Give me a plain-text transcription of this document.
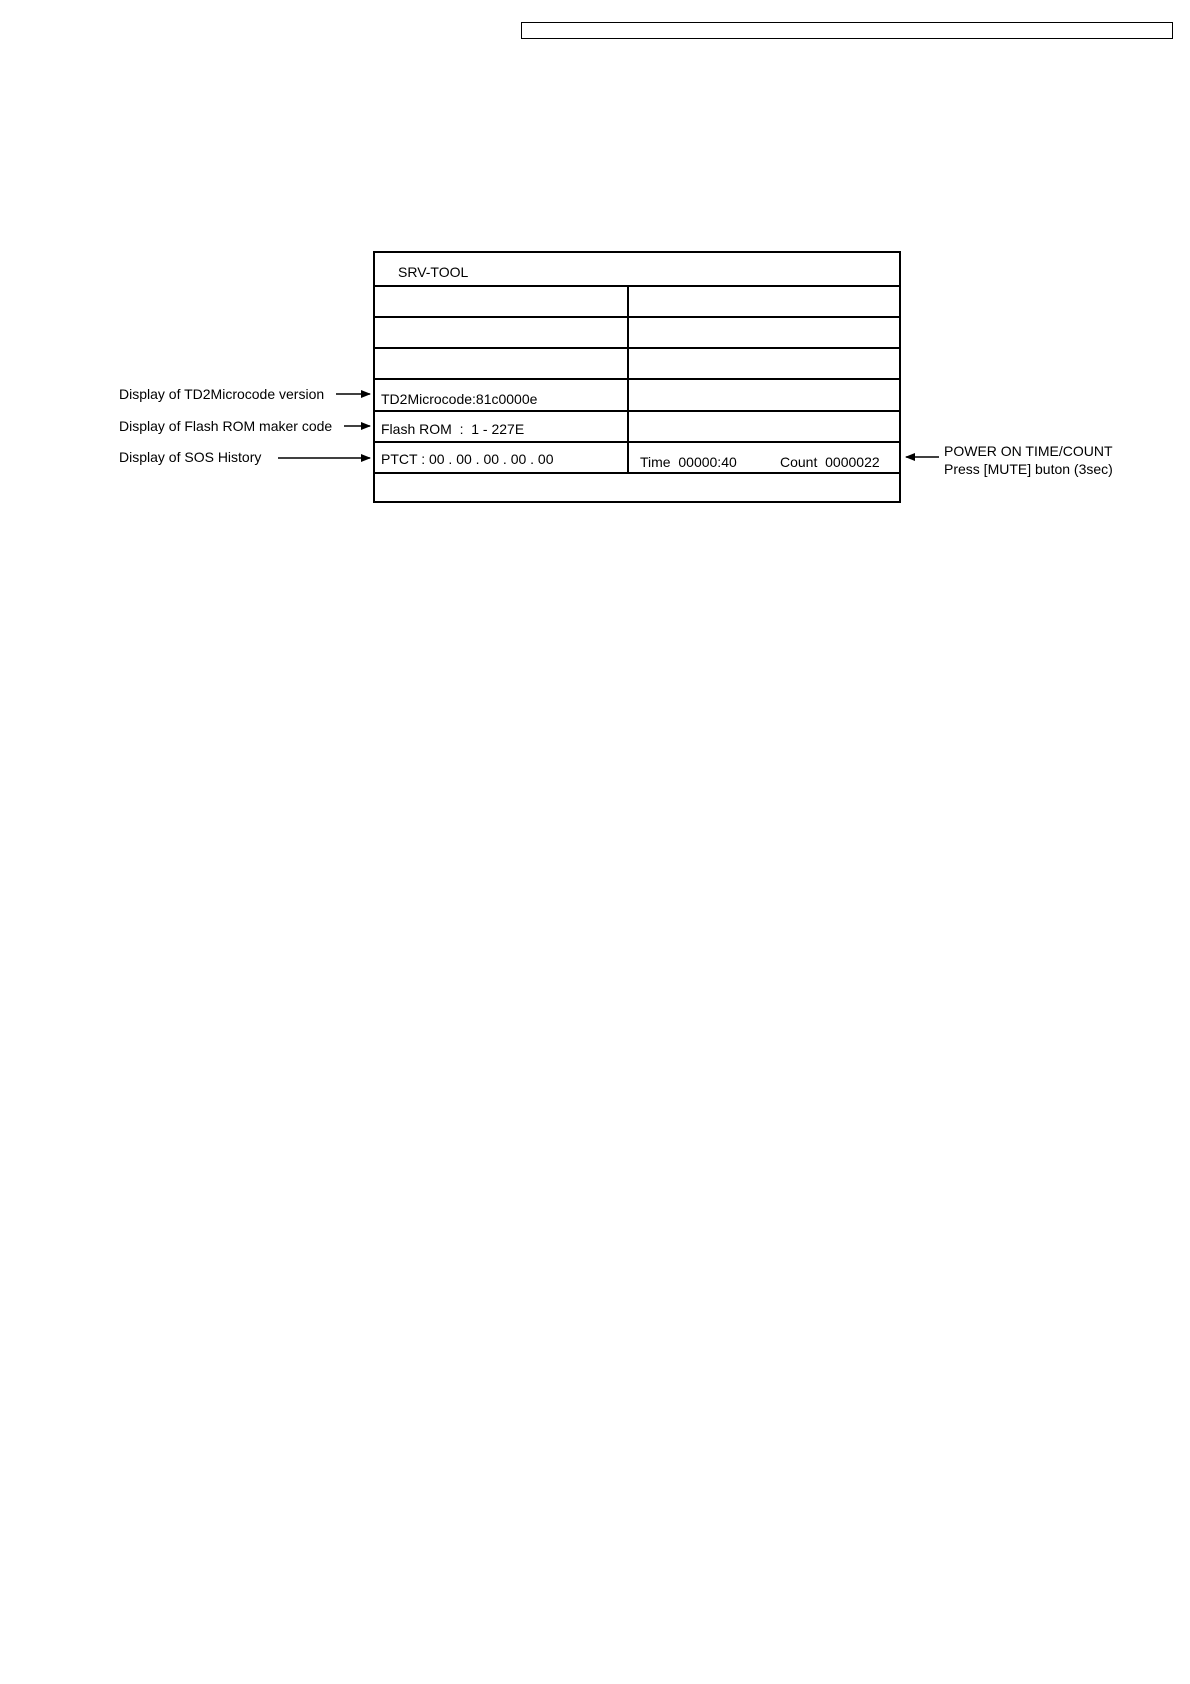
SRV-TOOL
TD2Microcode:81c0000e
Flash ROM  :  1 - 227E
PTCT : 00 . 00 . 00 . 00 . 00	Time  00000:40	Count  0000022
Display of TD2Microcode version
Display of Flash ROM maker code
Display of SOS History	POWER ON TIME/COUNT
Press [MUTE] buton (3sec)
